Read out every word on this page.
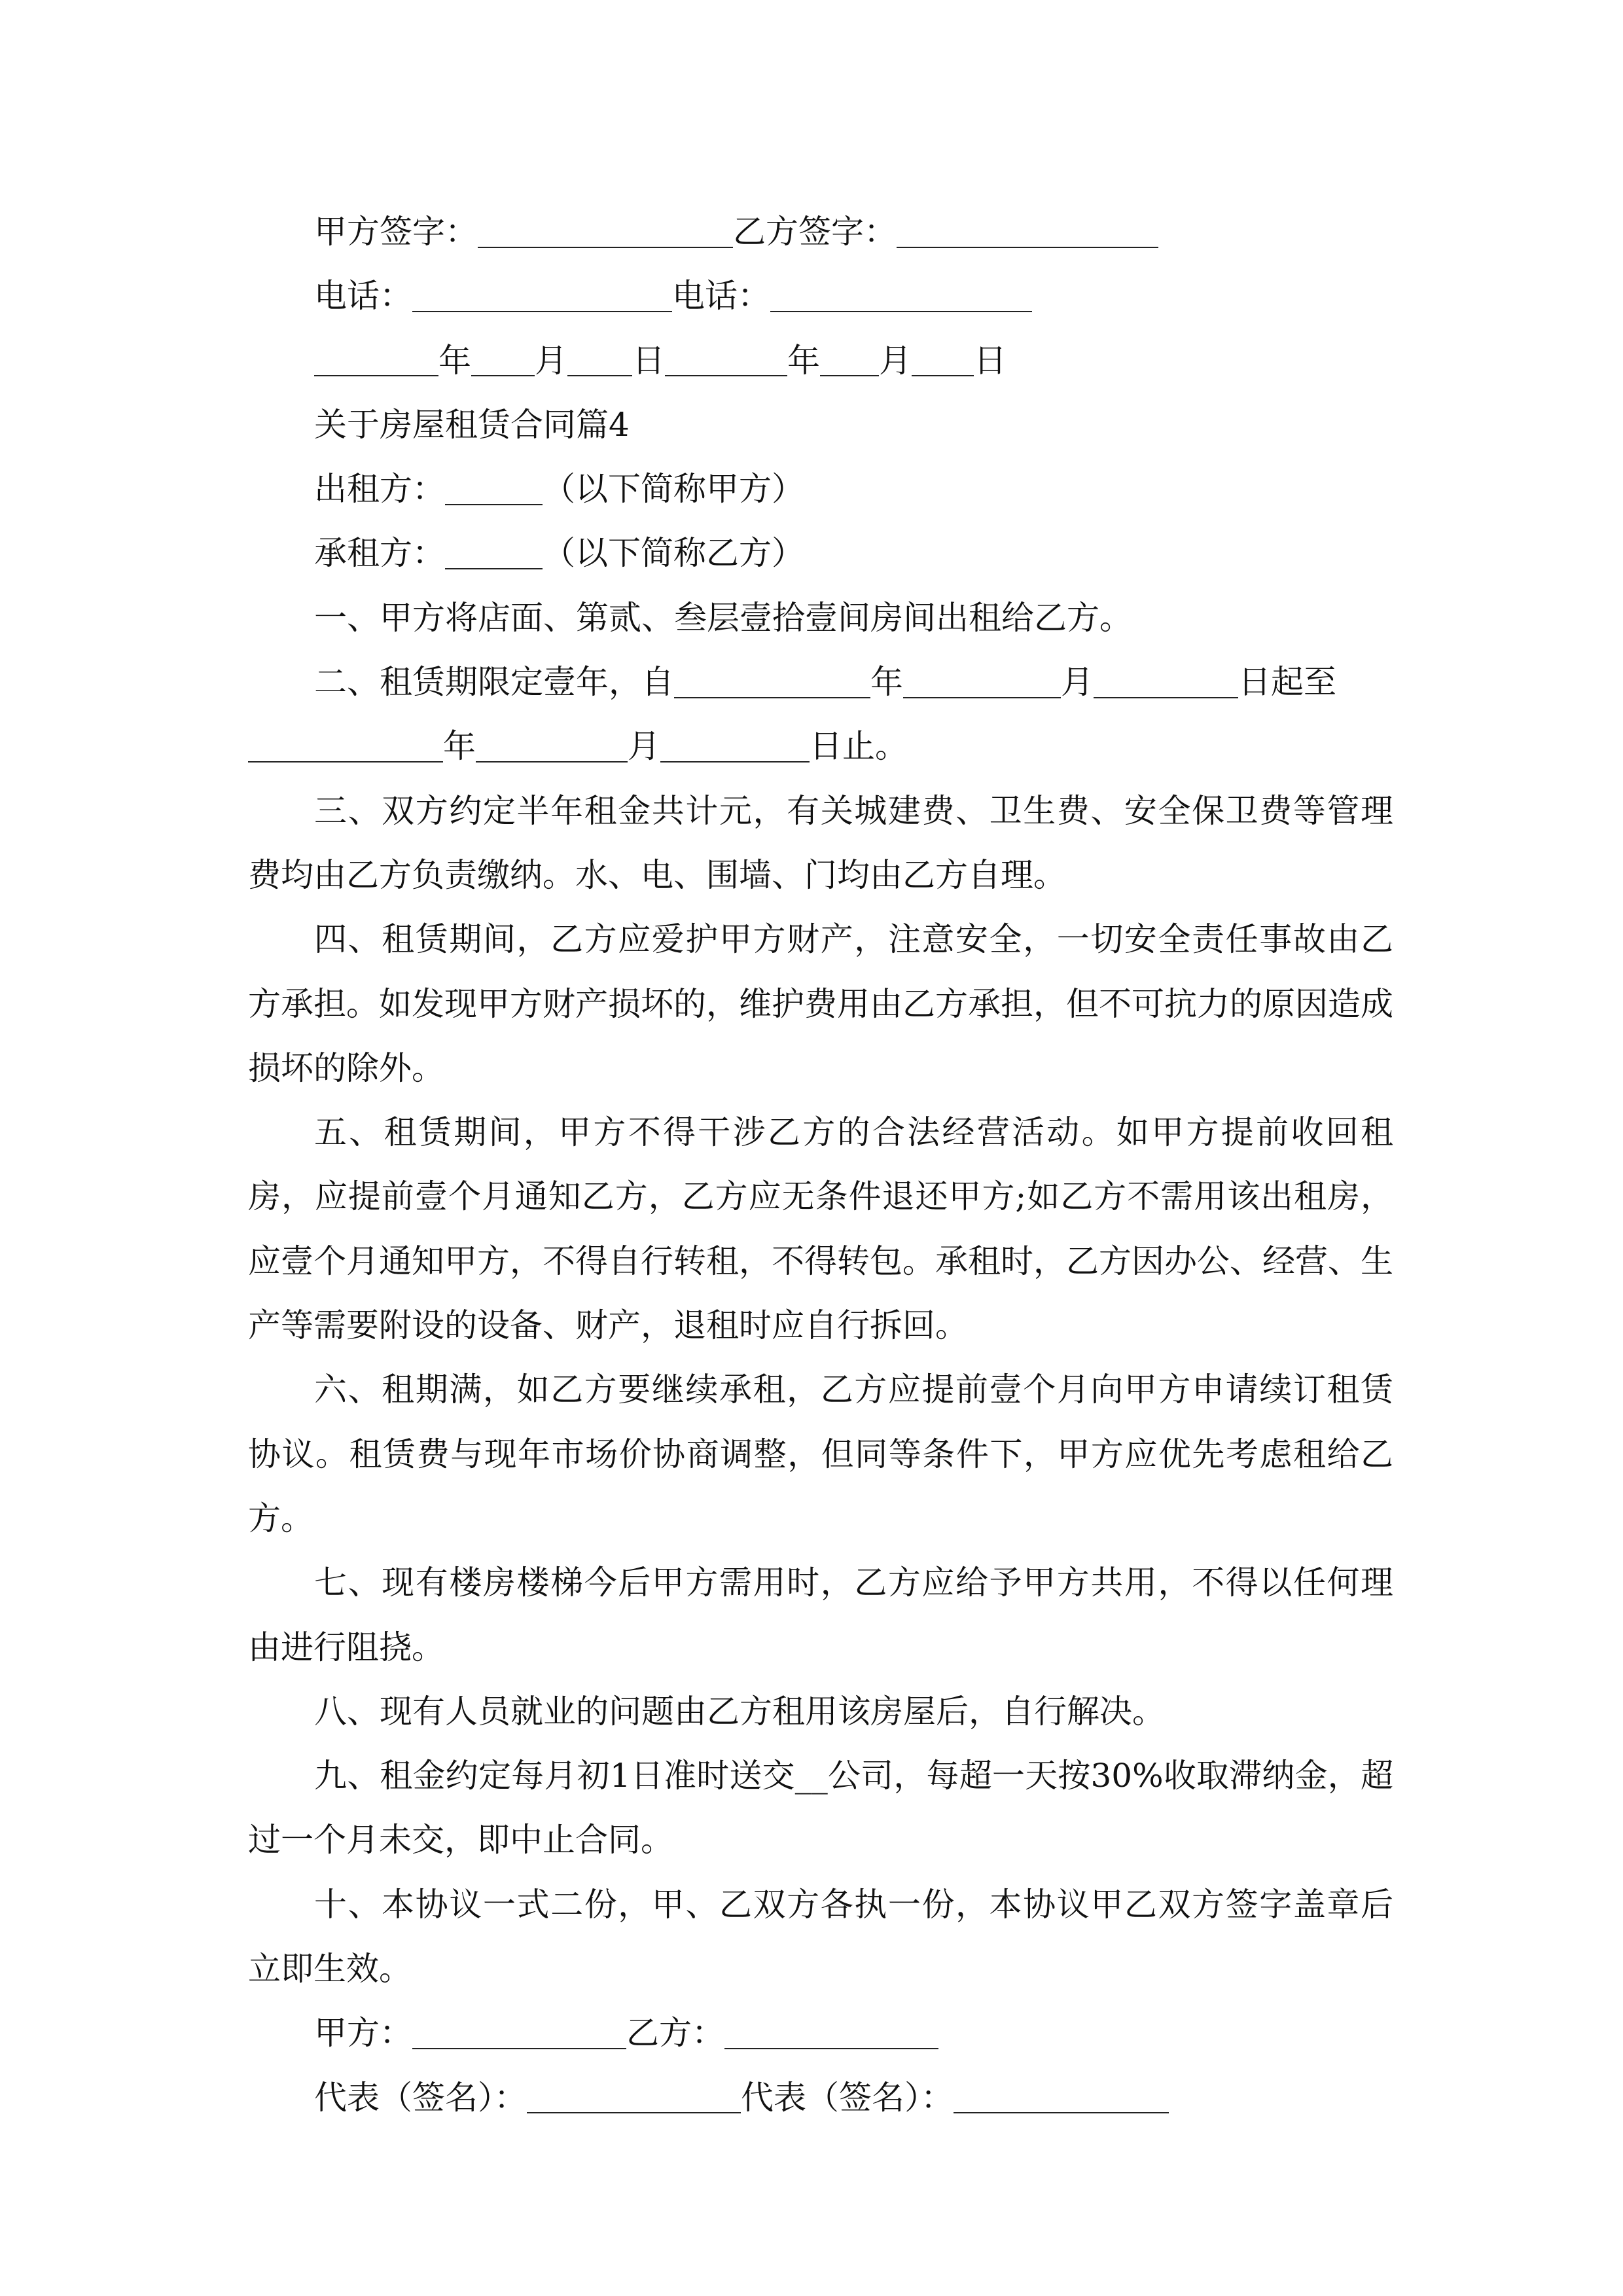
甲方签字：	乙方签字：
电话：	电话：
年 月 日	年 月 日
关于房屋租赁合同篇4
出租方：	（以下简称甲方）
承租方：	（以下简称乙方）
一、甲方将店面、第贰、叁层壹拾壹间房间出租给乙方。
二、租赁期限定壹年，自	年	月	日起至
年	月	日止。
三、双方约定半年租金共计元，有关城建费、卫生费、安全保卫费等管理费均由乙方负责缴纳。水、电、围墙、门均由乙方自理。
四、租赁期间，乙方应爱护甲方财产，注意安全，一切安全责任事故由乙方承担。如发现甲方财产损坏的，维护费用由乙方承担，但不可抗力的原因造成损坏的除外。
五、租赁期间，甲方不得干涉乙方的合法经营活动。如甲方提前收回租房，应提前壹个月通知乙方，乙方应无条件退还甲方;如乙方不需用该出租房，应壹个月通知甲方，不得自行转租，不得转包。承租时，乙方因办公、经营、生产等需要附设的设备、财产，退租时应自行拆回。
六、租期满，如乙方要继续承租，乙方应提前壹个月向甲方申请续订租赁协议。租赁费与现年市场价协商调整，但同等条件下，甲方应优先考虑租给乙方。
七、现有楼房楼梯今后甲方需用时，乙方应给予甲方共用，不得以任何理由进行阻挠。
八、现有人员就业的问题由乙方租用该房屋后，自行解决。
九、租金约定每月初1日准时送交__公司，每超一天按30%收取滞纳金，超过一个月未交，即中止合同。
十、本协议一式二份，甲、乙双方各执一份，本协议甲乙双方签字盖章后立即生效。
甲方：	乙方：
代表（签名）：	代表（签名）：
